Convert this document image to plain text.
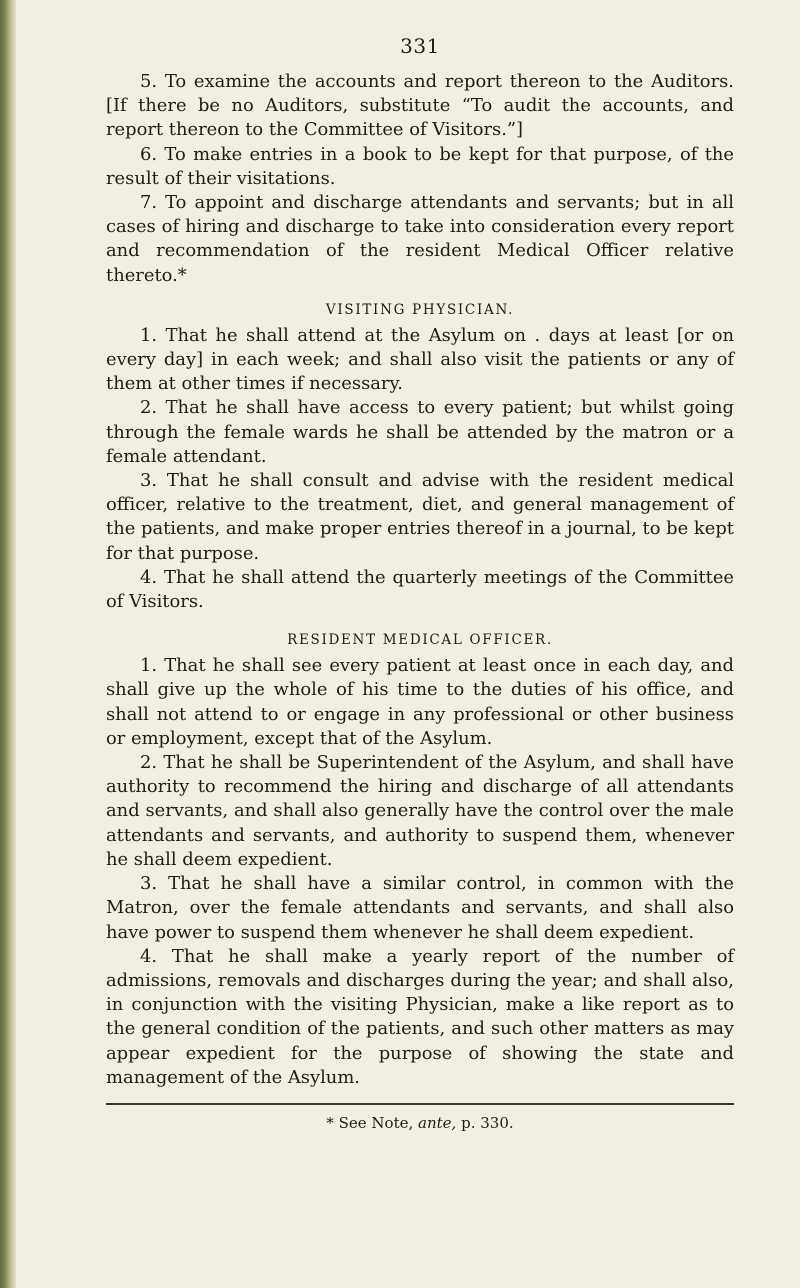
331

5. To examine the accounts and report thereon to the Auditors. [If there be no Auditors, substitute “To audit the accounts, and report thereon to the Committee of Visitors.”]

6. To make entries in a book to be kept for that purpose, of the result of their visitations.

7. To appoint and discharge attendants and servants; but in all cases of hiring and discharge to take into consideration every report and recommendation of the resident Medical Officer relative thereto.*

VISITING PHYSICIAN.

1. That he shall attend at the Asylum on . days at least [or on every day] in each week; and shall also visit the patients or any of them at other times if necessary.

2. That he shall have access to every patient; but whilst going through the female wards he shall be attended by the matron or a female attendant.

3. That he shall consult and advise with the resident medical officer, relative to the treatment, diet, and general management of the patients, and make proper entries thereof in a journal, to be kept for that purpose.

4. That he shall attend the quarterly meetings of the Committee of Visitors.

RESIDENT MEDICAL OFFICER.

1. That he shall see every patient at least once in each day, and shall give up the whole of his time to the duties of his office, and shall not attend to or engage in any professional or other business or employment, except that of the Asylum.

2. That he shall be Superintendent of the Asylum, and shall have authority to recommend the hiring and discharge of all attendants and servants, and shall also generally have the control over the male attendants and servants, and authority to suspend them, whenever he shall deem expedient.

3. That he shall have a similar control, in common with the Matron, over the female attendants and servants, and shall also have power to suspend them whenever he shall deem expedient.

4. That he shall make a yearly report of the number of admissions, removals and discharges during the year; and shall also, in conjunction with the visiting Physician, make a like report as to the general condition of the patients, and such other matters as may appear expedient for the purpose of showing the state and management of the Asylum.

* See Note, ante, p. 330.
